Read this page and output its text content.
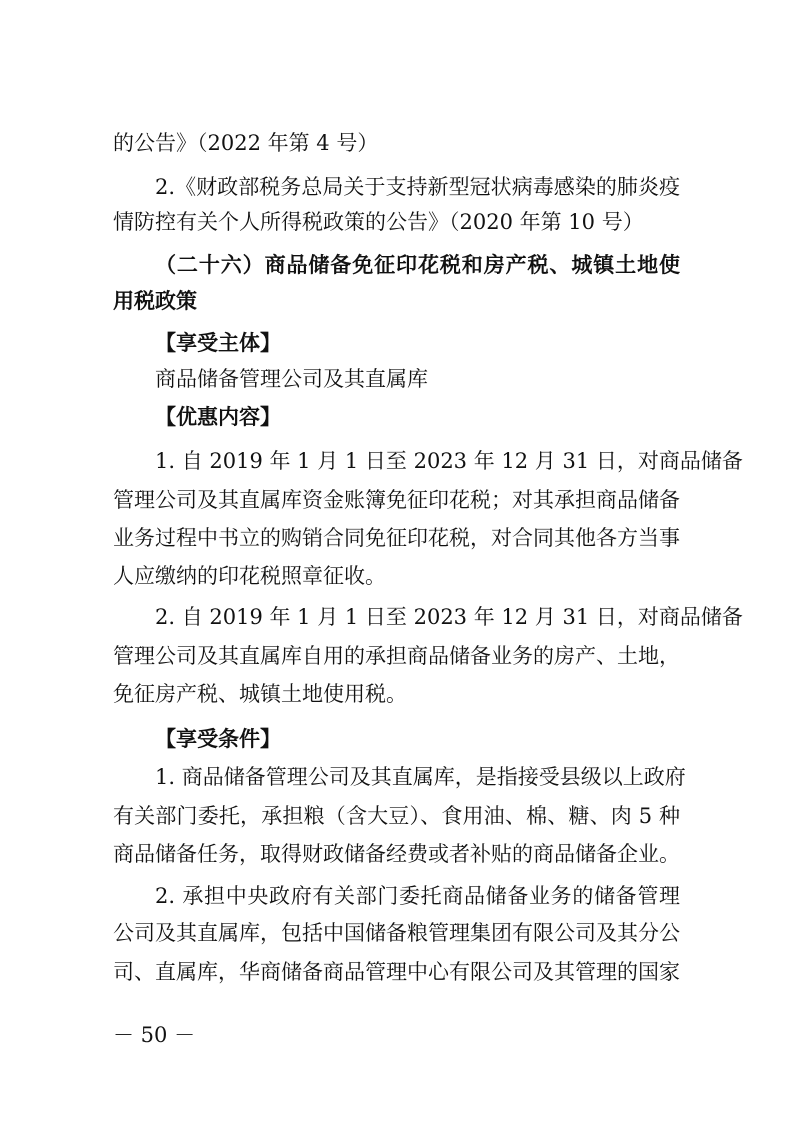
的公告》（2022 年第 4 号）

2.《财政部税务总局关于支持新型冠状病毒感染的肺炎疫

情防控有关个人所得税政策的公告》（2020 年第 10 号）

（二十六）商品储备免征印花税和房产税、城镇土地使

用税政策

【享受主体】

商品储备管理公司及其直属库

【优惠内容】

1. 自 2019 年 1 月 1 日至 2023 年 12 月 31 日，对商品储备

管理公司及其直属库资金账簿免征印花税；对其承担商品储备

业务过程中书立的购销合同免征印花税，对合同其他各方当事

人应缴纳的印花税照章征收。

2. 自 2019 年 1 月 1 日至 2023 年 12 月 31 日，对商品储备

管理公司及其直属库自用的承担商品储备业务的房产、土地，

免征房产税、城镇土地使用税。

【享受条件】

1. 商品储备管理公司及其直属库，是指接受县级以上政府

有关部门委托，承担粮（含大豆）、食用油、棉、糖、肉 5 种

商品储备任务，取得财政储备经费或者补贴的商品储备企业。

2. 承担中央政府有关部门委托商品储备业务的储备管理

公司及其直属库，包括中国储备粮管理集团有限公司及其分公

司、直属库，华商储备商品管理中心有限公司及其管理的国家

－ 50 －
